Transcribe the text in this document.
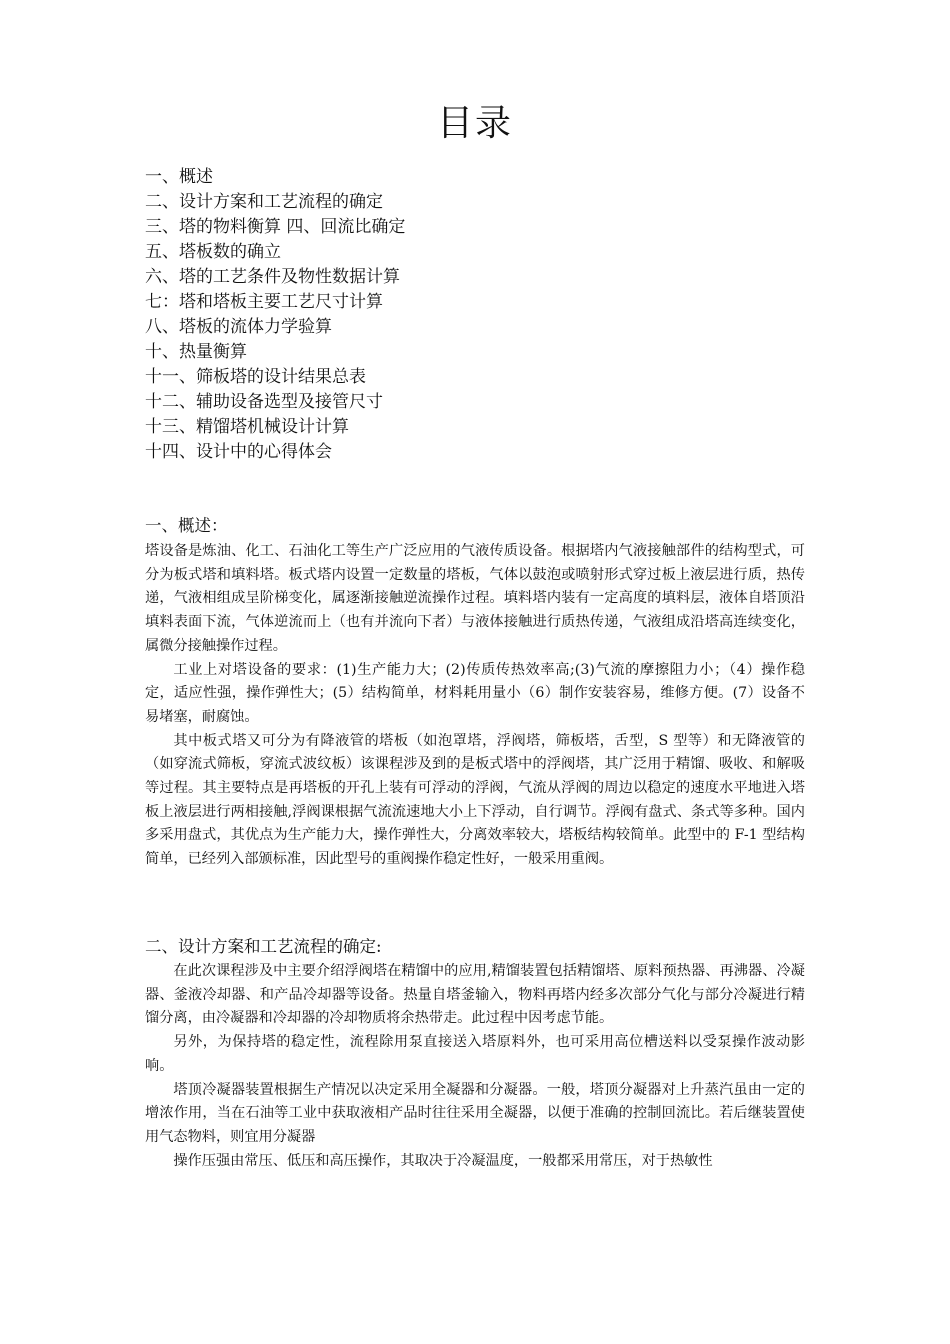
目录
一、概述
二、设计方案和工艺流程的确定
三、塔的物料衡算 四、回流比确定
五、塔板数的确立
六、塔的工艺条件及物性数据计算
七：塔和塔板主要工艺尺寸计算
八、塔板的流体力学验算
十、热量衡算
十一、筛板塔的设计结果总表
十二、辅助设备选型及接管尺寸
十三、精馏塔机械设计计算
十四、设计中的心得体会
一、概述：

塔设备是炼油、化工、石油化工等生产广泛应用的气液传质设备。根据塔内气液接触部件的结构型式，可分为板式塔和填料塔。板式塔内设置一定数量的塔板，气体以鼓泡或喷射形式穿过板上液层进行质，热传递，气液相组成呈阶梯变化，属逐渐接触逆流操作过程。填料塔内装有一定高度的填料层，液体自塔顶沿填料表面下流，气体逆流而上（也有并流向下者）与液体接触进行质热传递，气液组成沿塔高连续变化，属微分接触操作过程。

工业上对塔设备的要求：(1)生产能力大；(2)传质传热效率高;(3)气流的摩擦阻力小；（4）操作稳定，适应性强，操作弹性大；(5）结构简单，材料耗用量小（6）制作安装容易，维修方便。(7）设备不易堵塞，耐腐蚀。

其中板式塔又可分为有降液管的塔板（如泡罩塔，浮阀塔，筛板塔，舌型，S 型等）和无降液管的（如穿流式筛板，穿流式波纹板）该课程涉及到的是板式塔中的浮阀塔，其广泛用于精馏、吸收、和解吸等过程。其主要特点是再塔板的开孔上装有可浮动的浮阀，气流从浮阀的周边以稳定的速度水平地进入塔板上液层进行两相接触,浮阀课根据气流流速地大小上下浮动，自行调节。浮阀有盘式、条式等多种。国内多采用盘式，其优点为生产能力大，操作弹性大，分离效率较大，塔板结构较简单。此型中的 F-1 型结构简单，已经列入部颁标准，因此型号的重阀操作稳定性好，一般采用重阀。

二、设计方案和工艺流程的确定:

在此次课程涉及中主要介绍浮阀塔在精馏中的应用,精馏装置包括精馏塔、原料预热器、再沸器、冷凝器、釜液冷却器、和产品冷却器等设备。热量自塔釜输入，物料再塔内经多次部分气化与部分冷凝进行精馏分离，由冷凝器和冷却器的冷却物质将余热带走。此过程中因考虑节能。

另外，为保持塔的稳定性，流程除用泵直接送入塔原料外，也可采用高位槽送料以受泵操作波动影响。

塔顶冷凝器装置根据生产情况以决定采用全凝器和分凝器。一般，塔顶分凝器对上升蒸汽虽由一定的增浓作用，当在石油等工业中获取液相产品时往往采用全凝器，以便于准确的控制回流比。若后继装置使用气态物料，则宜用分凝器

操作压强由常压、低压和高压操作，其取决于冷凝温度，一般都采用常压，对于热敏性
